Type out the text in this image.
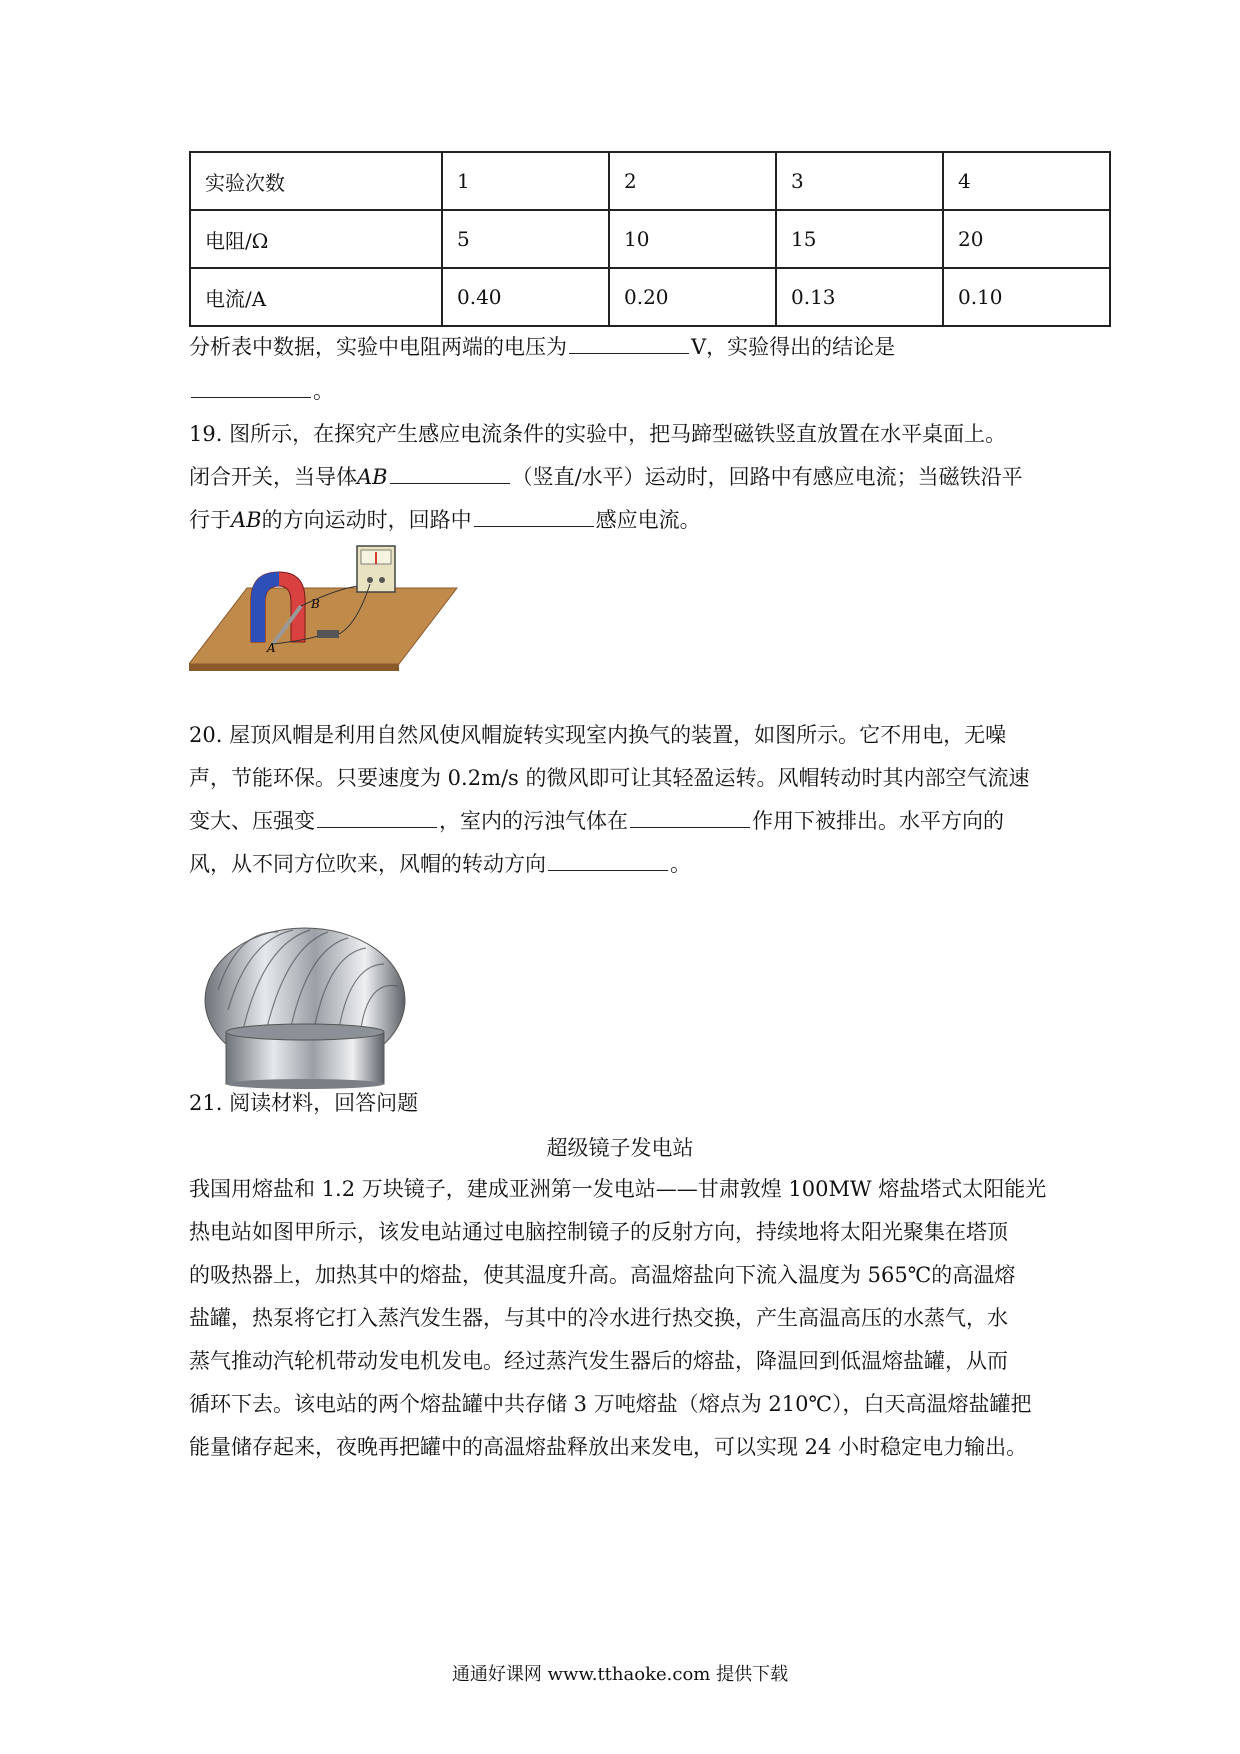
实验次数	1	2	3	4
电阻/Ω	5	10	15	20
电流/A	0.40	0.20	0.13	0.10
分析表中数据，实验中电阻两端的电压为	V，实验得出的结论是
。
19. 图所示，在探究产生感应电流条件的实验中，把马蹄型磁铁竖直放置在水平桌面上。
闭合开关，当导体AB	（竖直/水平）运动时，回路中有感应电流；当磁铁沿平
行于AB的方向运动时，回路中	感应电流。
A
B
20. 屋顶风帽是利用自然风使风帽旋转实现室内换气的装置，如图所示。它不用电，无噪
声，节能环保。只要速度为 0.2m/s 的微风即可让其轻盈运转。风帽转动时其内部空气流速
变大、压强变	，室内的污浊气体在	作用下被排出。水平方向的
风，从不同方位吹来，风帽的转动方向	。
21. 阅读材料，回答问题
超级镜子发电站
我国用熔盐和 1.2 万块镜子，建成亚洲第一发电站——甘肃敦煌 100MW 熔盐塔式太阳能光
热电站如图甲所示，该发电站通过电脑控制镜子的反射方向，持续地将太阳光聚集在塔顶
的吸热器上，加热其中的熔盐，使其温度升高。高温熔盐向下流入温度为 565℃的高温熔
盐罐，热泵将它打入蒸汽发生器，与其中的冷水进行热交换，产生高温高压的水蒸气，水
蒸气推动汽轮机带动发电机发电。经过蒸汽发生器后的熔盐，降温回到低温熔盐罐，从而
循环下去。该电站的两个熔盐罐中共存储 3 万吨熔盐（熔点为 210℃），白天高温熔盐罐把
能量储存起来，夜晚再把罐中的高温熔盐释放出来发电，可以实现 24 小时稳定电力输出。
通通好课网 www.tthaoke.com 提供下载
